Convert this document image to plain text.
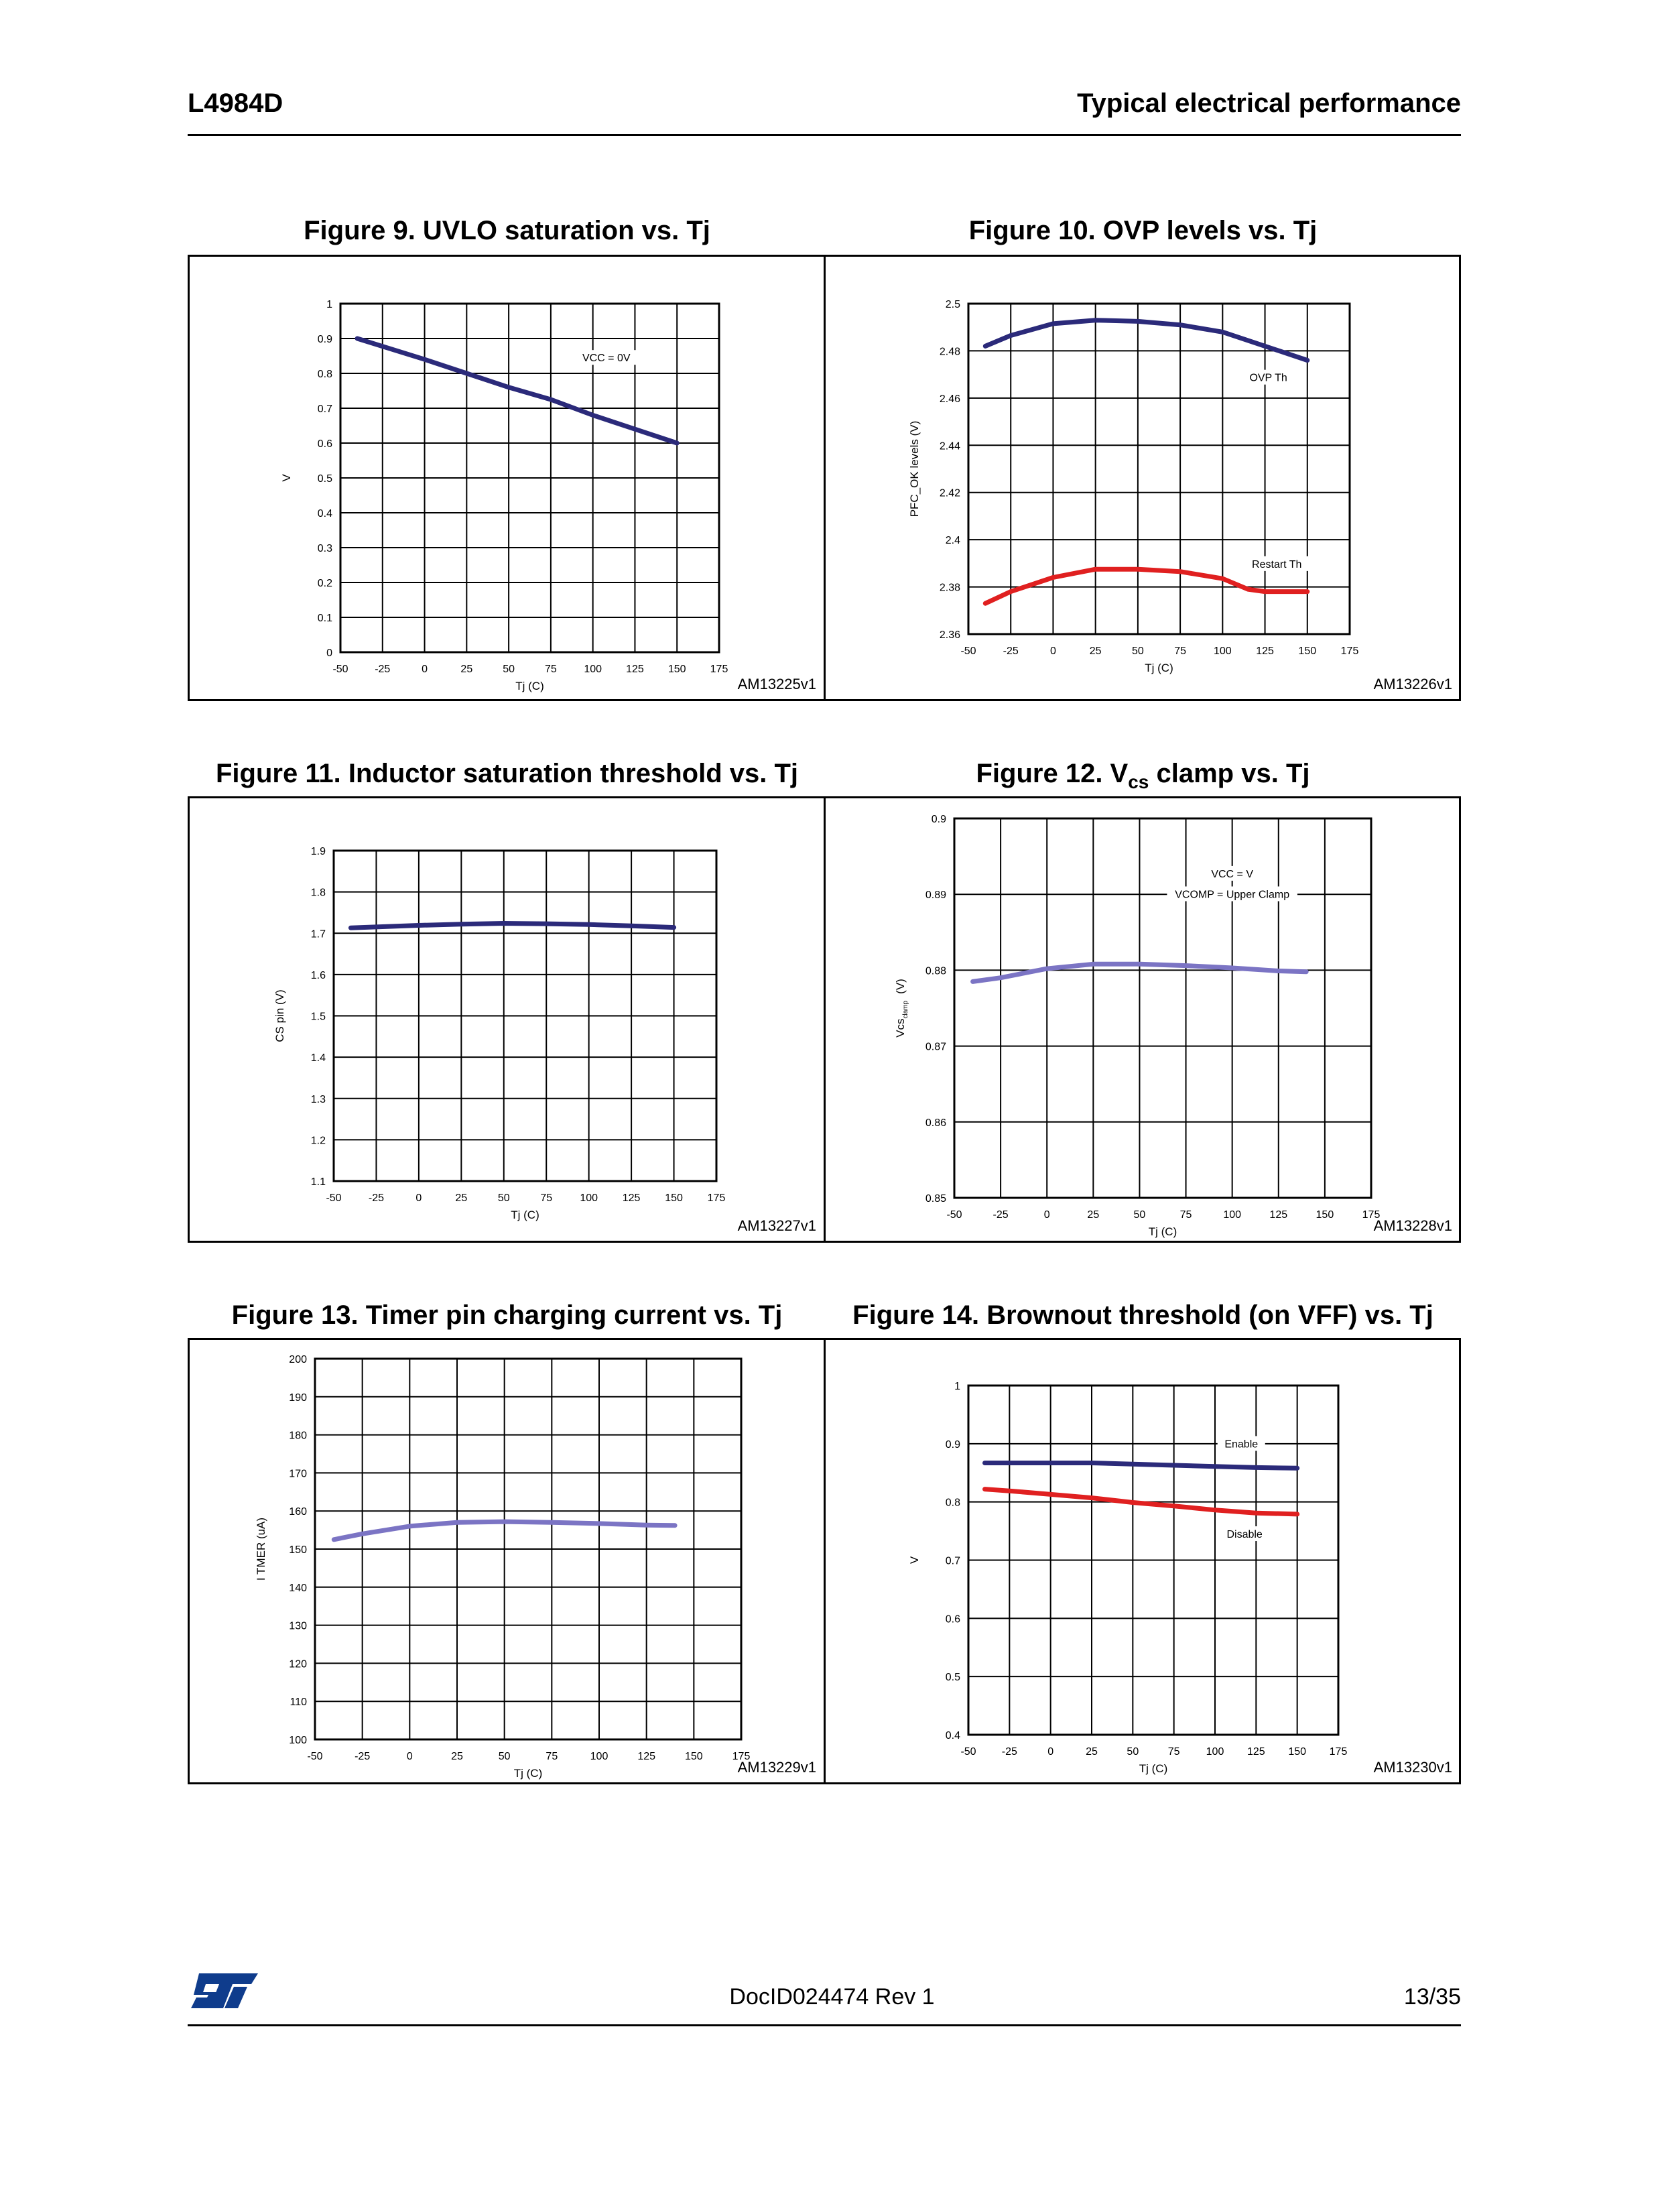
L4984D	Typical electrical performance
Figure 9. UVLO saturation vs. Tj	Figure 10. OVP levels vs. Tj
Figure 11. Inductor saturation threshold vs. Tj	Figure 12. $V_{cs}$ clamp vs. Tj
Figure 13. Timer pin charging current vs. Tj	Figure 14. Brownout threshold (on VFF) vs. Tj
-50 -25	0	25	50	75	100 125 150 175
0
0.1
0.2
0.3
0.4
0.5
0.6
0.7
0.8
0.9
1
VCC = 0V
Tj (C)
V
AM13225v1
-50	-25	0	25	50	75	100 125 150 175
2.36
2.38
2.4
2.42
2.44
2.46
2.48
2.5
OVP Th
Restart Th
Tj (C)
PFC_OK levels (V)
AM13226v1
-50	-25	0	25	50	75	100 125 150 175
1.1
1.2
1.3
1.4
1.5
1.6
1.7
1.8
1.9
Tj (C)
CS pin (V)
AM13227v1
-50	-25	0	25	50	75	100	125	150	175
0.85
0.86
0.87
0.88
0.89
0.9
VCC = V
VCOMP = Upper Clamp
Tj (C)
Vcs$_{clamp}$(V)
AM13228v1
-50	-25	0	25	50	75	100	125	150	175
100
110
120
130
140
150
160
170
180
190
200
Tj (C)
I TMER (uA)
AM13229v1
-50 -25	0	25	50	75 100 125 150 175
0.4
0.5
0.6
0.7
0.8
0.9
1
Enable
Disable
Tj (C)
V
AM13230v1
DocID024474 Rev 1	13/35
